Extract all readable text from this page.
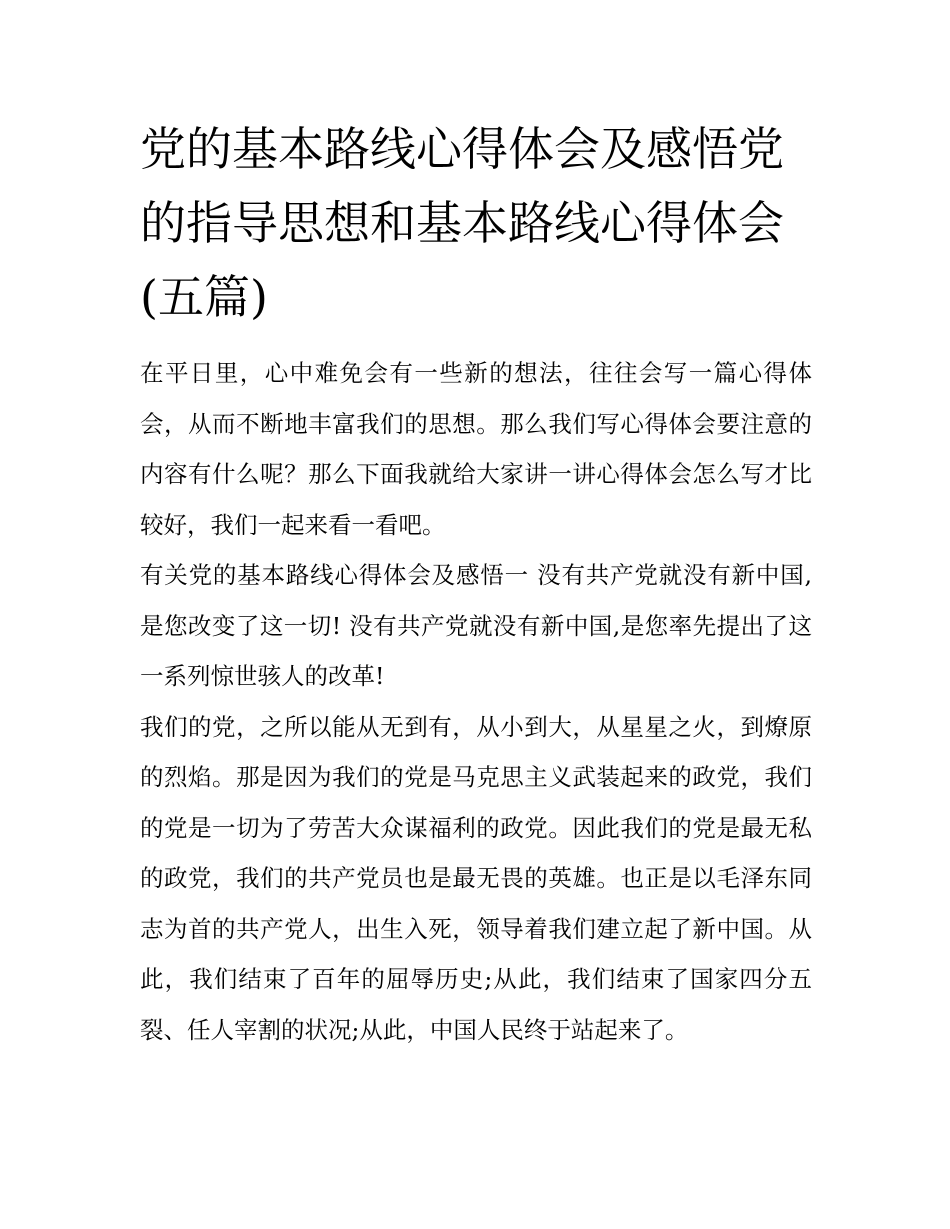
党的基本路线心得体会及感悟党的指导思想和基本路线心得体会(五篇)

在平日里，心中难免会有一些新的想法，往往会写一篇心得体会，从而不断地丰富我们的思想。那么我们写心得体会要注意的内容有什么呢？那么下面我就给大家讲一讲心得体会怎么写才比较好，我们一起来看一看吧。

有关党的基本路线心得体会及感悟一 没有共产党就没有新中国,是您改变了这一切! 没有共产党就没有新中国,是您率先提出了这一系列惊世骇人的改革!

我们的党，之所以能从无到有，从小到大，从星星之火，到燎原的烈焰。那是因为我们的党是马克思主义武装起来的政党，我们的党是一切为了劳苦大众谋福利的政党。因此我们的党是最无私的政党，我们的共产党员也是最无畏的英雄。也正是以毛泽东同志为首的共产党人，出生入死，领导着我们建立起了新中国。从此，我们结束了百年的屈辱历史;从此，我们结束了国家四分五裂、任人宰割的状况;从此，中国人民终于站起来了。
